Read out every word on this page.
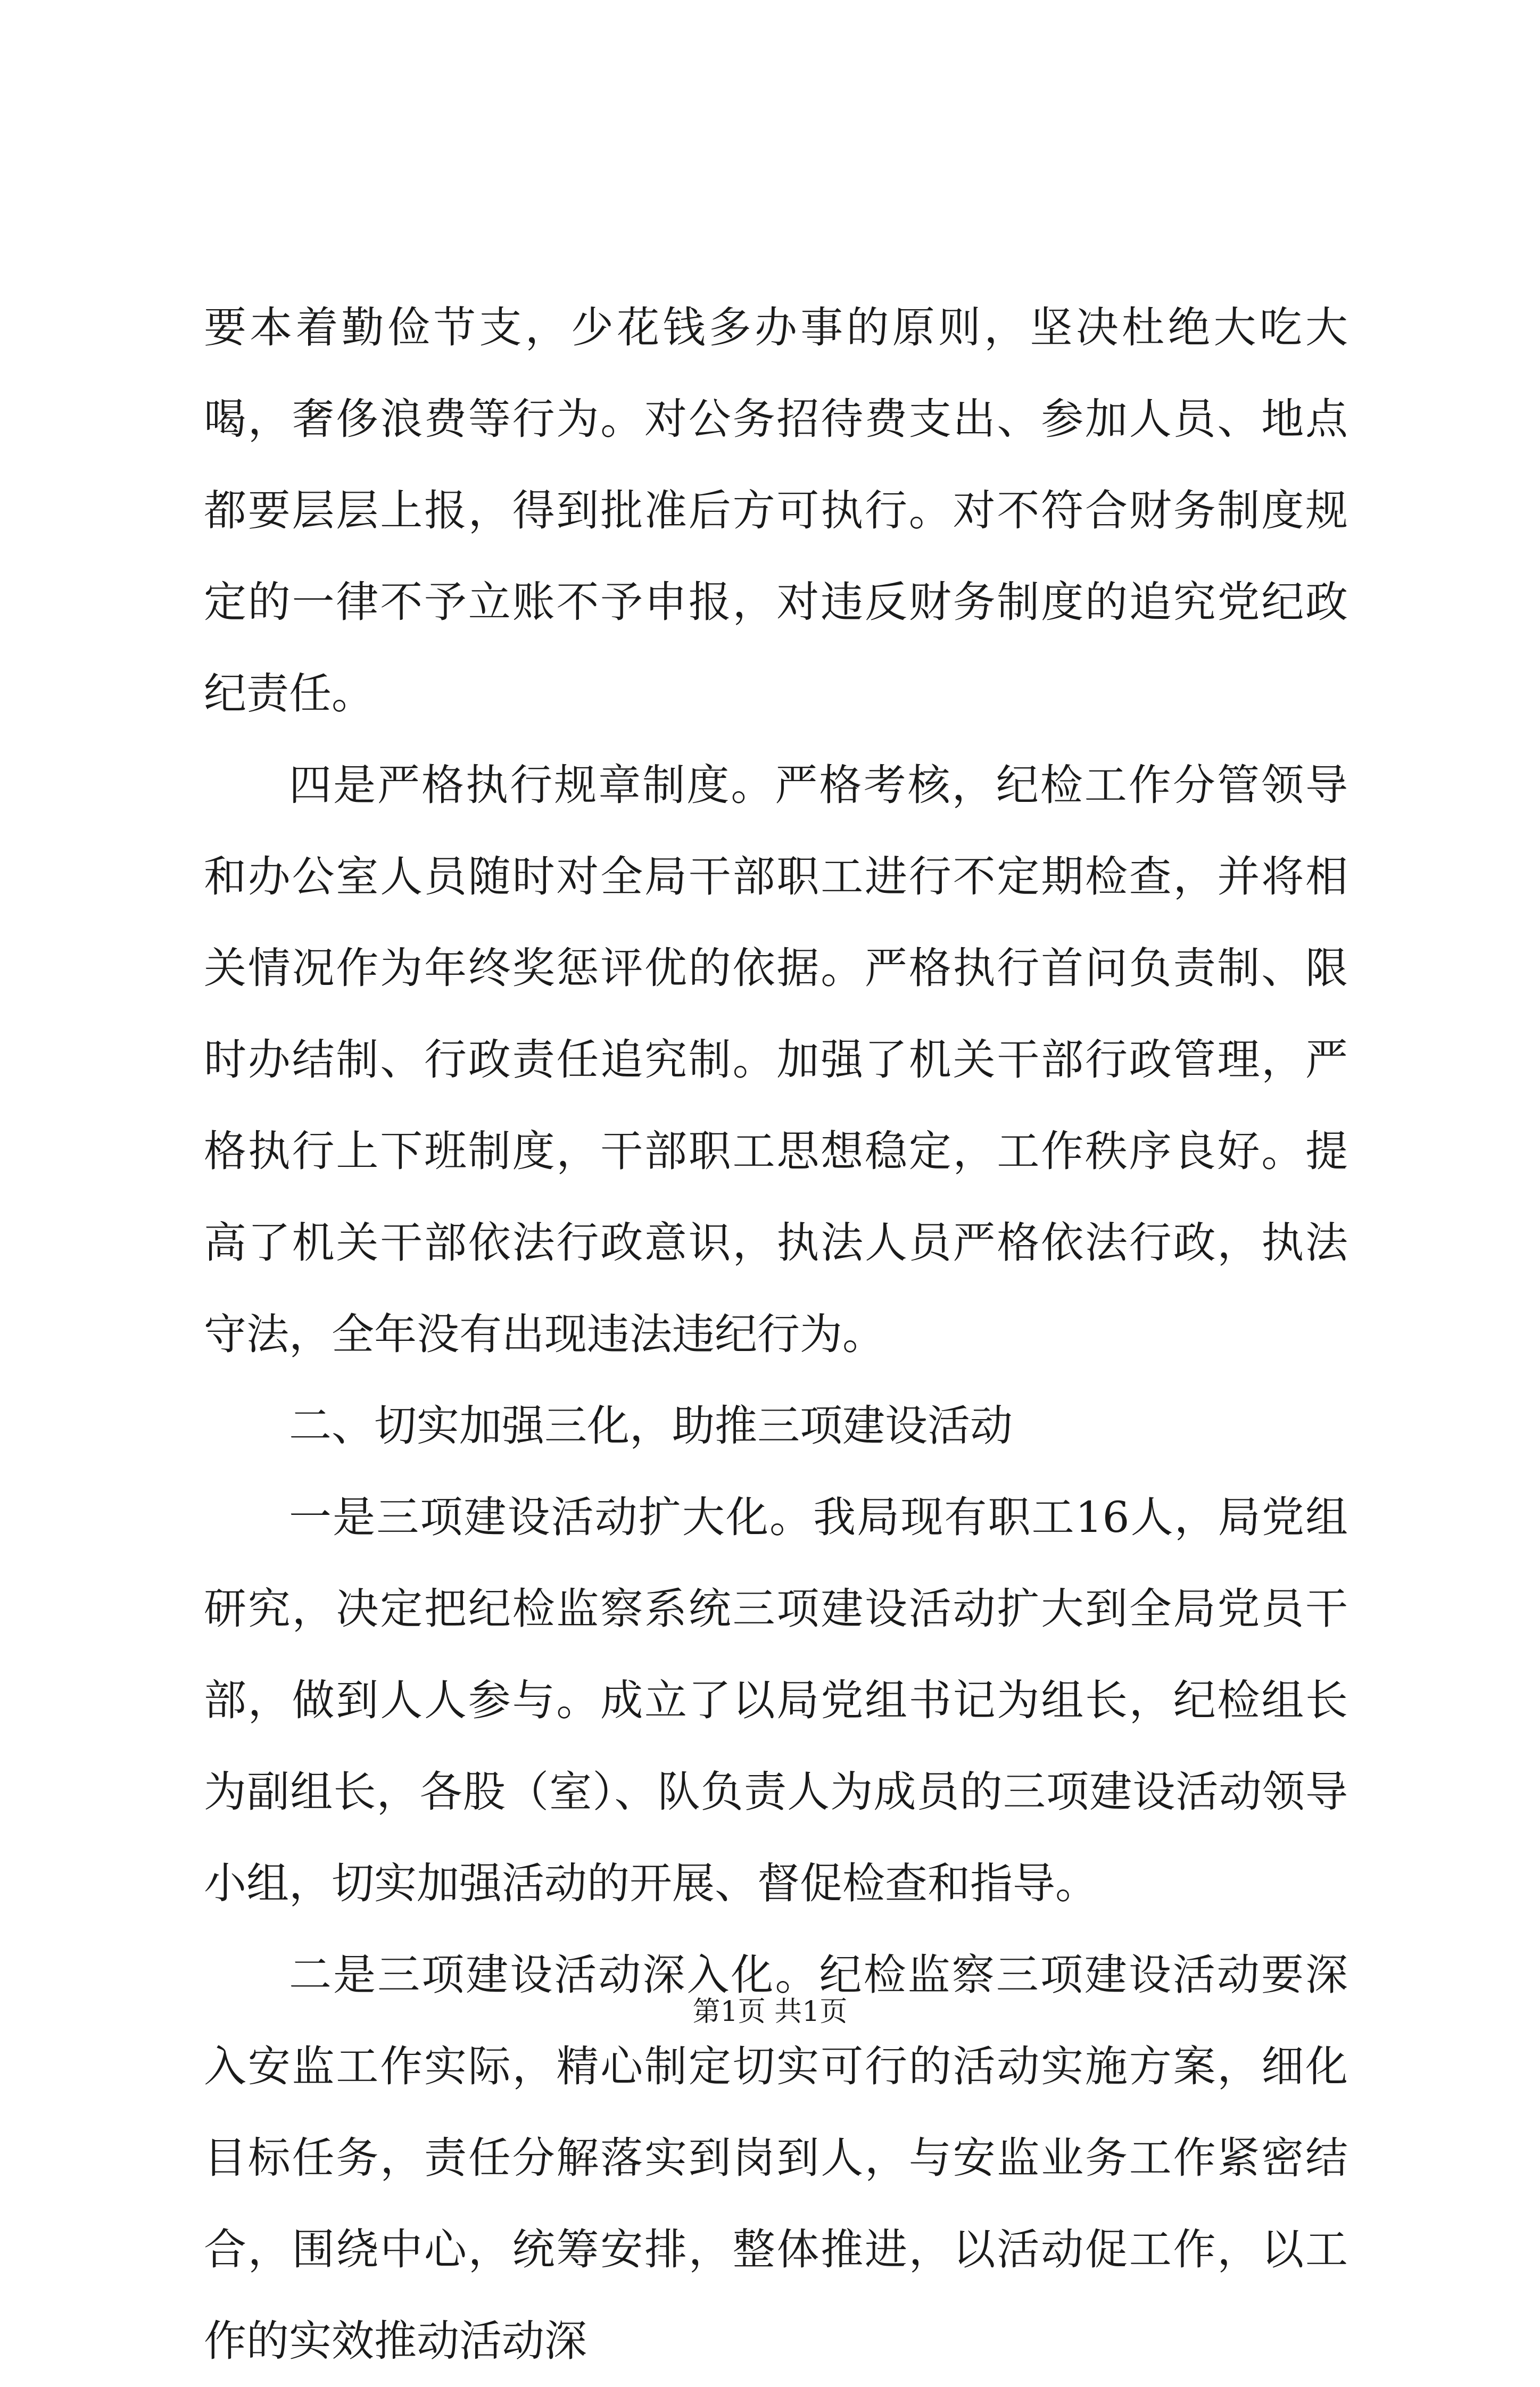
要本着勤俭节支，少花钱多办事的原则，坚决杜绝大吃大喝，奢侈浪费等行为。对公务招待费支出、参加人员、地点都要层层上报，得到批准后方可执行。对不符合财务制度规定的一律不予立账不予申报，对违反财务制度的追究党纪政纪责任。

四是严格执行规章制度。严格考核，纪检工作分管领导和办公室人员随时对全局干部职工进行不定期检查，并将相关情况作为年终奖惩评优的依据。严格执行首问负责制、限时办结制、行政责任追究制。加强了机关干部行政管理，严格执行上下班制度，干部职工思想稳定，工作秩序良好。提高了机关干部依法行政意识，执法人员严格依法行政，执法守法，全年没有出现违法违纪行为。

二、切实加强三化，助推三项建设活动

一是三项建设活动扩大化。我局现有职工16人，局党组研究，决定把纪检监察系统三项建设活动扩大到全局党员干部，做到人人参与。成立了以局党组书记为组长，纪检组长为副组长，各股（室）、队负责人为成员的三项建设活动领导小组，切实加强活动的开展、督促检查和指导。

二是三项建设活动深入化。纪检监察三项建设活动要深入安监工作实际，精心制定切实可行的活动实施方案，细化目标任务，责任分解落实到岗到人，与安监业务工作紧密结合，围绕中心，统筹安排，整体推进，以活动促工作，以工作的实效推动活动深

第1页 共1页
